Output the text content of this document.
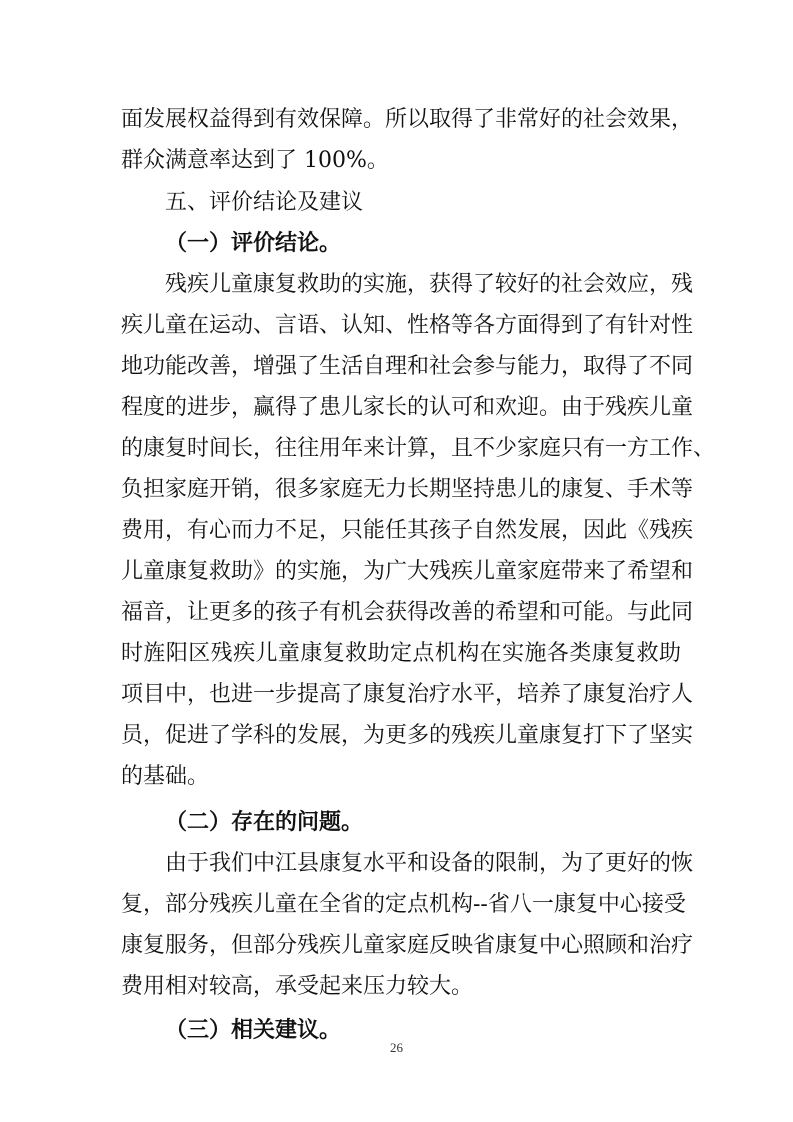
面发展权益得到有效保障。所以取得了非常好的社会效果，
群众满意率达到了 100%。
五、评价结论及建议
（一）评价结论。
残疾儿童康复救助的实施，获得了较好的社会效应，残
疾儿童在运动、言语、认知、性格等各方面得到了有针对性
地功能改善，增强了生活自理和社会参与能力，取得了不同
程度的进步，赢得了患儿家长的认可和欢迎。由于残疾儿童
的康复时间长，往往用年来计算，且不少家庭只有一方工作、
负担家庭开销，很多家庭无力长期坚持患儿的康复、手术等
费用，有心而力不足，只能任其孩子自然发展，因此《残疾
儿童康复救助》的实施，为广大残疾儿童家庭带来了希望和
福音，让更多的孩子有机会获得改善的希望和可能。与此同
时旌阳区残疾儿童康复救助定点机构在实施各类康复救助
项目中，也进一步提高了康复治疗水平，培养了康复治疗人
员，促进了学科的发展，为更多的残疾儿童康复打下了坚实
的基础。
（二）存在的问题。
由于我们中江县康复水平和设备的限制，为了更好的恢
复，部分残疾儿童在全省的定点机构--省八一康复中心接受
康复服务，但部分残疾儿童家庭反映省康复中心照顾和治疗
费用相对较高，承受起来压力较大。
（三）相关建议。
26
